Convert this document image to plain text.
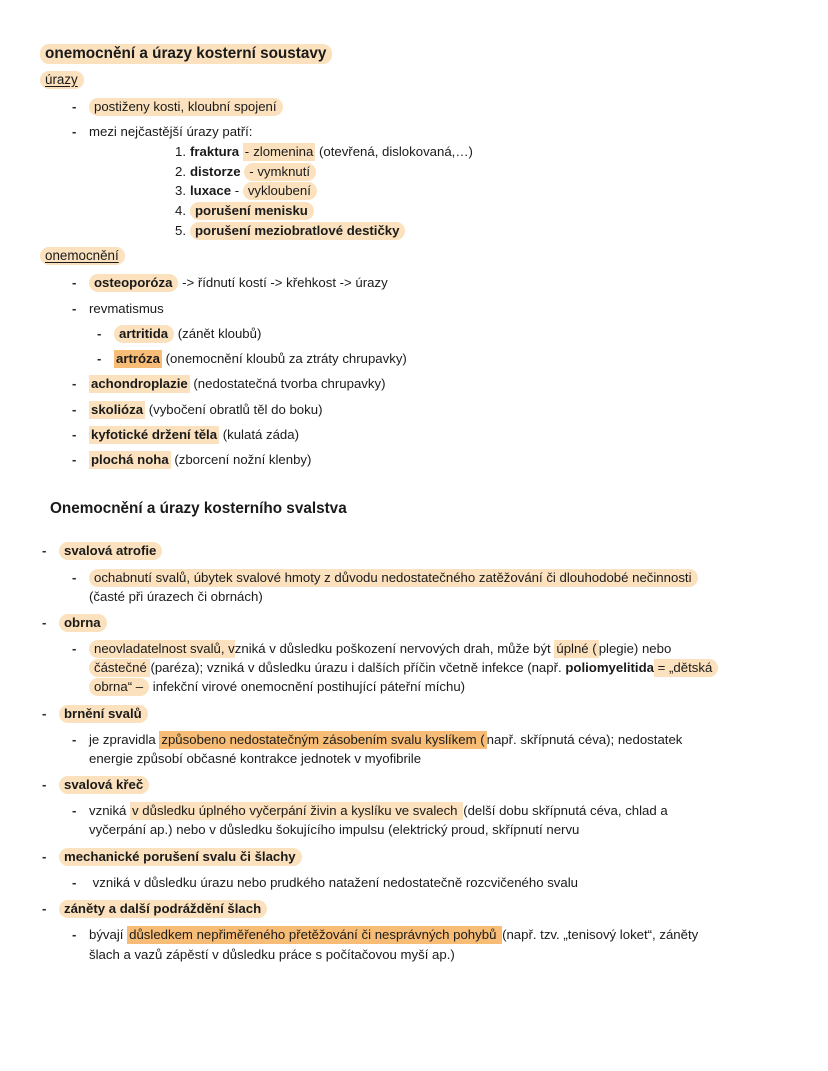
onemocnění a úrazy kosterní soustavy
úrazy
-	postiženy kosti, kloubní spojení
- mezi nejčastější úrazy patří:
1. fraktura - zlomenina (otevřená, dislokovaná,…)
2. distorze - vymknutí
3. luxace - vykloubení
4. porušení menisku
5. porušení meziobratlové destičky
onemocnění
-	osteoporóza -> řídnutí kostí -> křehkost -> úrazy
- revmatismus
-	artritida (zánět kloubů)
-	artróza (onemocnění kloubů za ztráty chrupavky)
-	achondroplazie (nedostatečná tvorba chrupavky)
-	skolióza (vybočení obratlů těl do boku)
-	kyfotické držení těla (kulatá záda)
-	plochá noha (zborcení nožní klenby)
Onemocnění a úrazy kosterního svalstva
-	svalová atrofie
-	ochabnutí svalů, úbytek svalové hmoty z důvodu nedostatečného zatěžování či dlouhodobé nečinnosti
(časté při úrazech či obrnách)
-	obrna
-	neovladatelnost svalů, vzniká v důsledku poškození nervových drah, může být úplné ( plegie) nebo
částečné (paréza); vzniká v důsledku úrazu i dalších příčin včetně infekce (např. poliomyelitida = „dětská
obrna“ – infekční virové onemocnění postihující páteřní míchu)
-	brnění svalů
- je zpravidla způsobeno nedostatečným zásobením svalu kyslíkem ( např. skřípnutá céva); nedostatek
energie způsobí občasné kontrakce jednotek v myofibrile
-	svalová křeč
- vzniká v důsledku úplného vyčerpání živin a kyslíku ve svalech (delší dobu skřípnutá céva, chlad a
vyčerpání ap.) nebo v důsledku šokujícího impulsu (elektrický proud, skřípnutí nervu
-	mechanické porušení svalu či šlachy
-	vzniká v důsledku úrazu nebo prudkého natažení nedostatečně rozcvičeného svalu
-	záněty a další podráždění šlach
- bývají důsledkem nepřiměřeného přetěžování či nesprávných pohybů (např. tzv. „tenisový loket“, záněty
šlach a vazů zápěstí v důsledku práce s počítačovou myší ap.)
